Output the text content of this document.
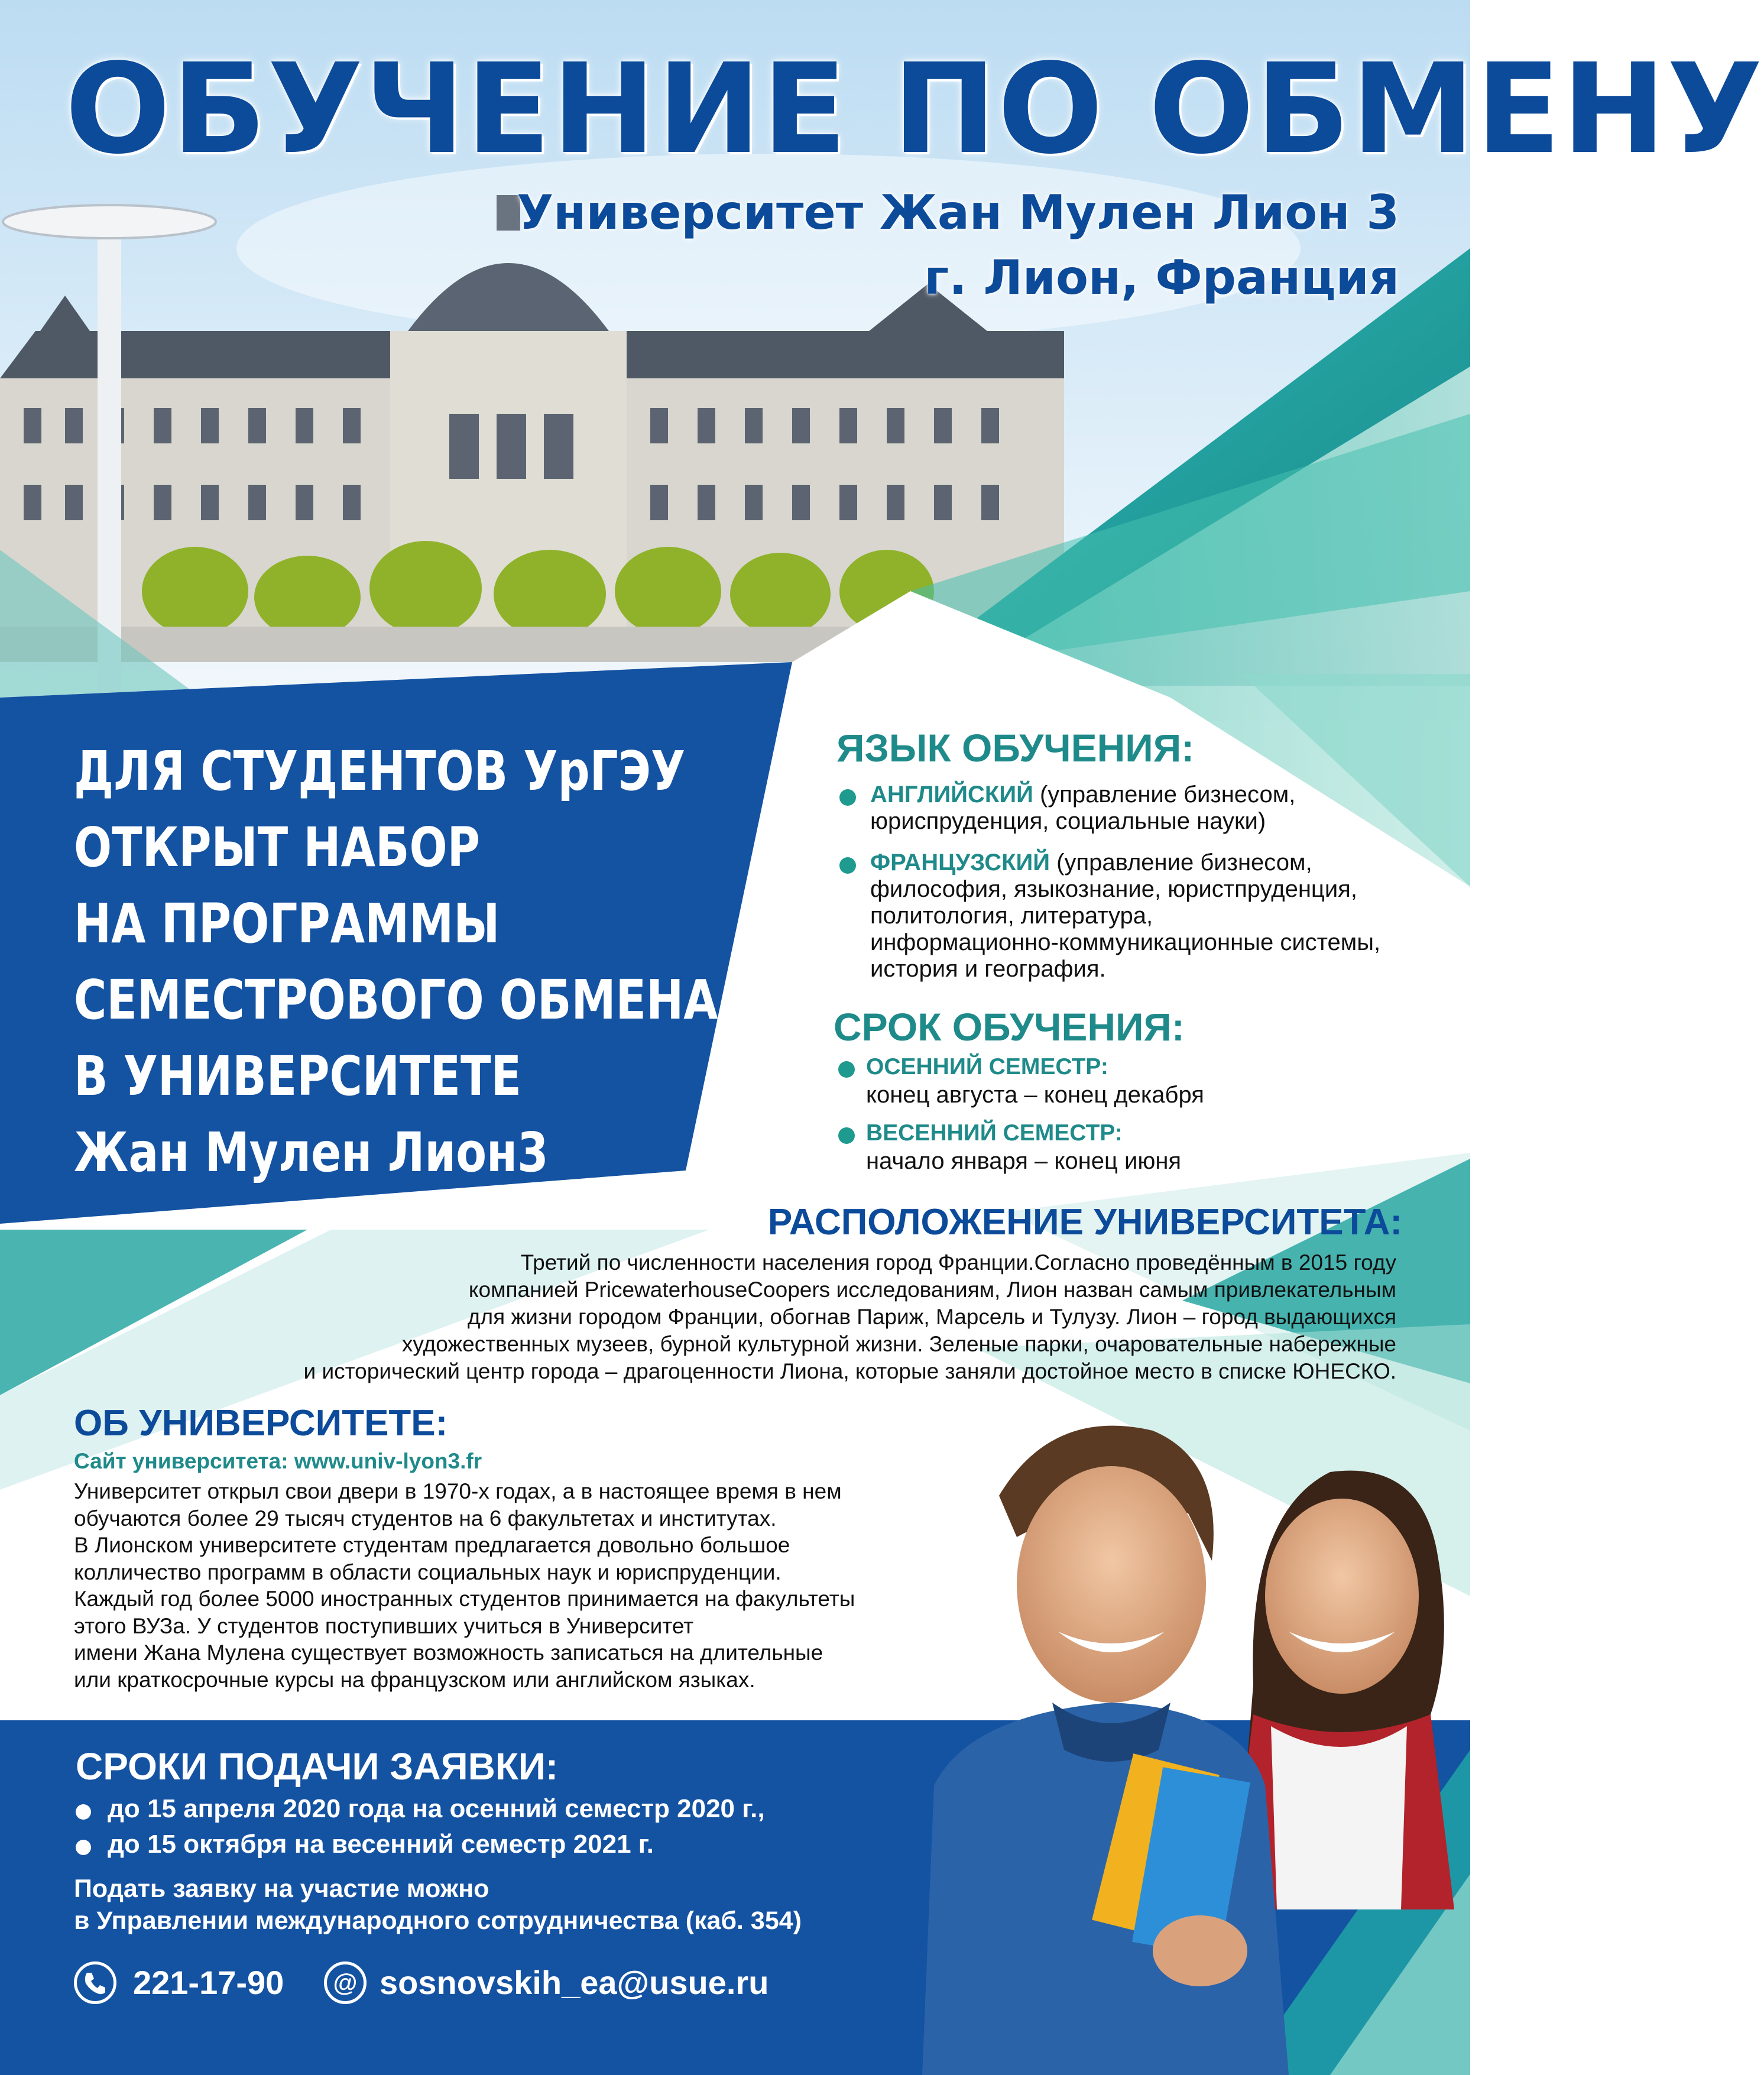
ОБУЧЕНИЕ ПО ОБМЕНУ
Университет Жан Мулен Лион 3
г. Лион, Франция
ДЛЯ СТУДЕНТОВ УрГЭУ
ОТКРЫТ НАБОР
НА ПРОГРАММЫ
СЕМЕСТРОВОГО ОБМЕНА
В УНИВЕРСИТЕТЕ
Жан Мулен Лион3
ЯЗЫК ОБУЧЕНИЯ:
АНГЛИЙСКИЙ (управление бизнесом,
юриспруденция, социальные науки)
ФРАНЦУЗСКИЙ (управление бизнесом,
философия, языкознание, юристпруденция,
политология, литература,
информационно-коммуникационные системы,
история и география.
СРОК ОБУЧЕНИЯ:
ОСЕННИЙ СЕМЕСТР:
конец августа – конец декабря
ВЕСЕННИЙ СЕМЕСТР:
начало января – конец июня
РАСПОЛОЖЕНИЕ УНИВЕРСИТЕТА:
Третий по численности населения город Франции.Согласно проведённым в 2015 году
компанией PricewaterhouseCoopers исследованиям, Лион назван самым привлекательным
для жизни городом Франции, обогнав Париж, Марсель и Тулузу. Лион – город выдающихся
художественных музеев, бурной культурной жизни. Зеленые парки, очаровательные набережные
и исторический центр города – драгоценности Лиона, которые заняли достойное место в списке ЮНЕСКО.
ОБ УНИВЕРСИТЕТЕ:
Сайт университета: www.univ-lyon3.fr
Университет открыл свои двери в 1970-х годах, а в настоящее время в нем
обучаются более 29 тысяч студентов на 6 факультетах и институтах.
В Лионском университете студентам предлагается довольно большое
колличество программ в области социальных наук и юриспруденции.
Каждый год более 5000 иностранных студентов принимается на факультеты
этого ВУЗа. У студентов поступивших учиться в Университет
имени Жана Мулена существует возможность записаться на длительные
или краткосрочные курсы на французском или английском языках.
СРОКИ ПОДАЧИ ЗАЯВКИ:
до 15 апреля 2020 года на осенний семестр 2020 г.,
до 15 октября на весенний семестр 2021 г.
Подать заявку на участие можно
в Управлении международного сотрудничества (каб. 354)
221-17-90 @ sosnovskih_ea@usue.ru
